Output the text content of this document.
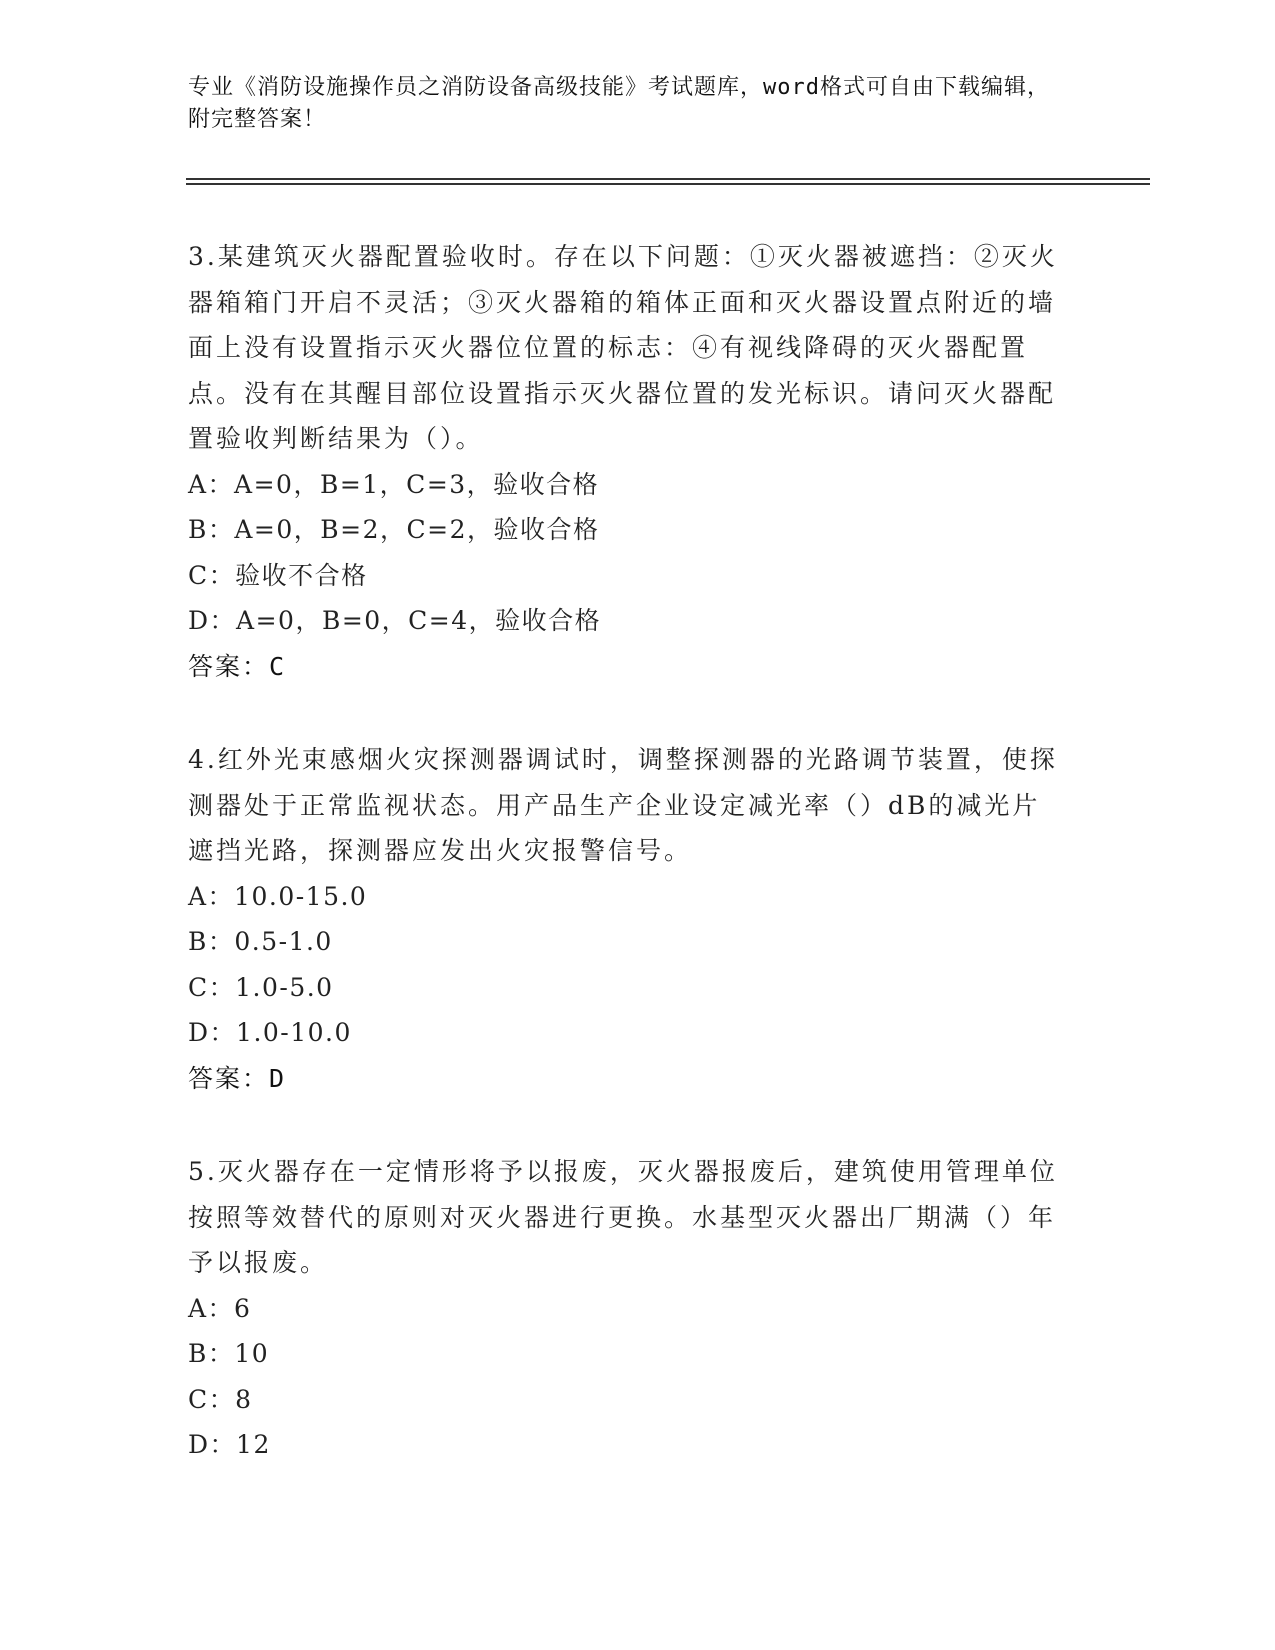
专业《消防设施操作员之消防设备高级技能》考试题库，word格式可自由下载编辑，附完整答案！

3.某建筑灭火器配置验收时。存在以下问题：①灭火器被遮挡：②灭火器箱箱门开启不灵活；③灭火器箱的箱体正面和灭火器设置点附近的墙面上没有设置指示灭火器位位置的标志：④有视线降碍的灭火器配置点。没有在其醒目部位设置指示灭火器位置的发光标识。请问灭火器配置验收判断结果为（）。

A：A=0，B=1，C=3，验收合格

B：A=0，B=2，C=2，验收合格

C：验收不合格

D：A=0，B=0，C=4，验收合格

答案：C

4.红外光束感烟火灾探测器调试时，调整探测器的光路调节装置，使探测器处于正常监视状态。用产品生产企业设定减光率（）dB的减光片遮挡光路，探测器应发出火灾报警信号。

A：10.0-15.0

B：0.5-1.0

C：1.0-5.0

D：1.0-10.0

答案：D

5.灭火器存在一定情形将予以报废，灭火器报废后，建筑使用管理单位按照等效替代的原则对灭火器进行更换。水基型灭火器出厂期满（）年予以报废。

A：6

B：10

C：8

D：12
